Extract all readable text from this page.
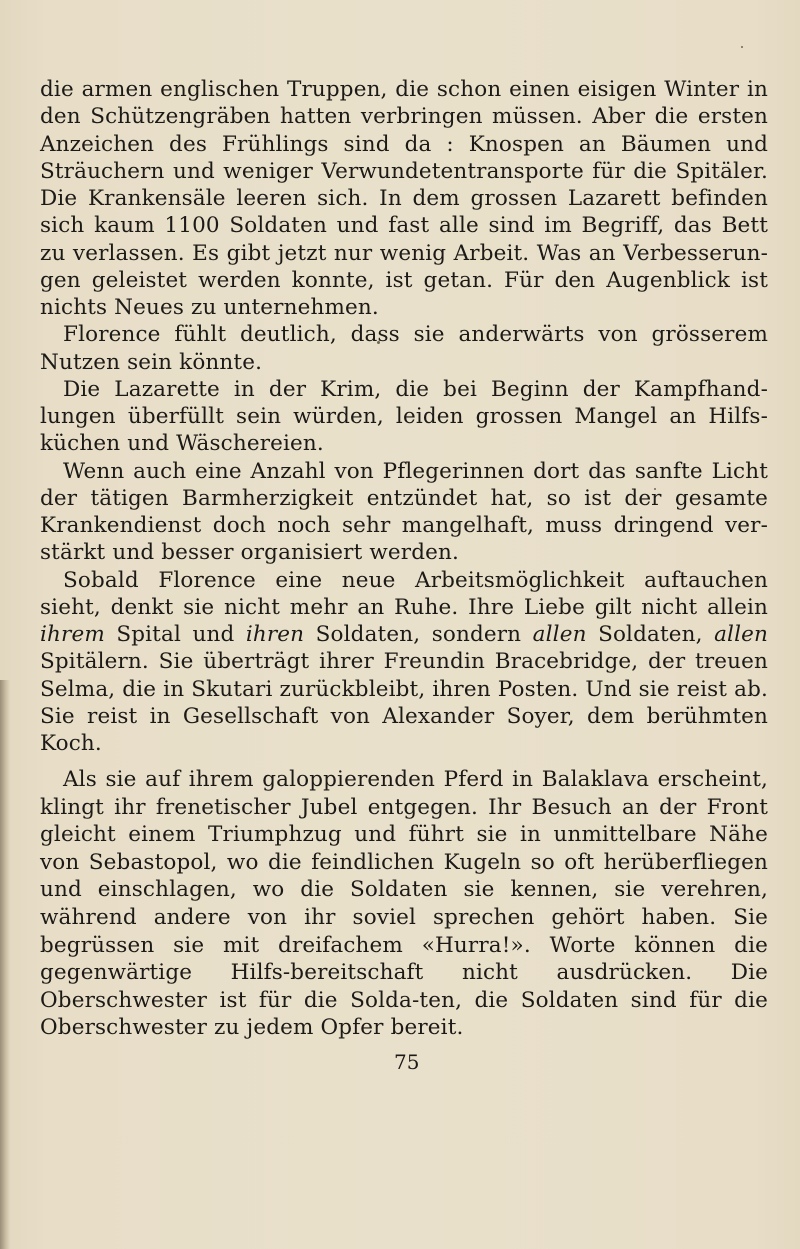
die armen englischen Truppen, die schon einen eisigen Winter in den Schützengräben hatten verbringen müssen. Aber die ersten Anzeichen des Frühlings sind da : Knospen an Bäumen und Sträuchern und weniger Verwundetentransporte für die Spitäler. Die Krankensäle leeren sich. In dem grossen Lazarett befinden sich kaum 1100 Soldaten und fast alle sind im Begriff, das Bett zu verlassen. Es gibt jetzt nur wenig Arbeit. Was an Verbesserun-gen geleistet werden konnte, ist getan. Für den Augenblick ist nichts Neues zu unternehmen.

Florence fühlt deutlich, dass sie anderwärts von grösserem Nutzen sein könnte.

Die Lazarette in der Krim, die bei Beginn der Kampfhand-lungen überfüllt sein würden, leiden grossen Mangel an Hilfs-küchen und Wäschereien.

Wenn auch eine Anzahl von Pflegerinnen dort das sanfte Licht der tätigen Barmherzigkeit entzündet hat, so ist der gesamte Krankendienst doch noch sehr mangelhaft, muss dringend ver-stärkt und besser organisiert werden.

Sobald Florence eine neue Arbeitsmöglichkeit auftauchen sieht, denkt sie nicht mehr an Ruhe. Ihre Liebe gilt nicht allein ihrem Spital und ihren Soldaten, sondern allen Soldaten, allen Spitälern. Sie überträgt ihrer Freundin Bracebridge, der treuen Selma, die in Skutari zurückbleibt, ihren Posten. Und sie reist ab. Sie reist in Gesellschaft von Alexander Soyer, dem berühmten Koch.

Als sie auf ihrem galoppierenden Pferd in Balaklava erscheint, klingt ihr frenetischer Jubel entgegen. Ihr Besuch an der Front gleicht einem Triumphzug und führt sie in unmittelbare Nähe von Sebastopol, wo die feindlichen Kugeln so oft herüberfliegen und einschlagen, wo die Soldaten sie kennen, sie verehren, während andere von ihr soviel sprechen gehört haben. Sie begrüssen sie mit dreifachem «Hurra!». Worte können die gegenwärtige Hilfs-bereitschaft nicht ausdrücken. Die Oberschwester ist für die Solda-ten, die Soldaten sind für die Oberschwester zu jedem Opfer bereit.

75
